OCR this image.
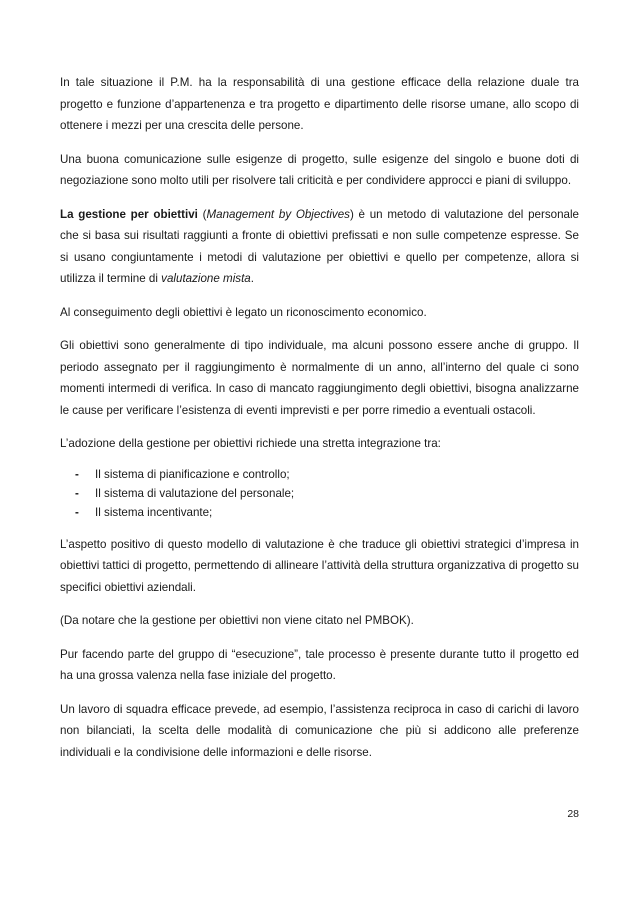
In tale situazione il P.M. ha la responsabilità di una gestione efficace della relazione duale tra progetto e funzione d’appartenenza e tra progetto e dipartimento delle risorse umane, allo scopo di ottenere i mezzi per una crescita delle persone.

Una buona comunicazione sulle esigenze di progetto, sulle esigenze del singolo e buone doti di negoziazione sono molto utili per risolvere tali criticità e per condividere approcci e piani di sviluppo.

La gestione per obiettivi (Management by Objectives) è un metodo di valutazione del personale che si basa sui risultati raggiunti a fronte di obiettivi prefissati e non sulle competenze espresse. Se si usano congiuntamente i metodi di valutazione per obiettivi e quello per competenze, allora si utilizza il termine di valutazione mista.

Al conseguimento degli obiettivi è legato un riconoscimento economico.

Gli obiettivi sono generalmente di tipo individuale, ma alcuni possono essere anche di gruppo. Il periodo assegnato per il raggiungimento è normalmente di un anno, all’interno del quale ci sono momenti intermedi di verifica. In caso di mancato raggiungimento degli obiettivi, bisogna analizzarne le cause per verificare l’esistenza di eventi imprevisti e per porre rimedio a eventuali ostacoli.

L’adozione della gestione per obiettivi richiede una stretta integrazione tra:

- Il sistema di pianificazione e controllo;
- Il sistema di valutazione del personale;
- Il sistema incentivante;

L’aspetto positivo di questo modello di valutazione è che traduce gli obiettivi strategici d’impresa in obiettivi tattici di progetto, permettendo di allineare l’attività della struttura organizzativa di progetto su specifici obiettivi aziendali.

(Da notare che la gestione per obiettivi non viene citato nel PMBOK).

Pur facendo parte del gruppo di “esecuzione”, tale processo è presente durante tutto il progetto ed ha una grossa valenza nella fase iniziale del progetto.

Un lavoro di squadra efficace prevede, ad esempio, l’assistenza reciproca in caso di carichi di lavoro non bilanciati, la scelta delle modalità di comunicazione che più si addicono alle preferenze individuali e la condivisione delle informazioni e delle risorse.

28
